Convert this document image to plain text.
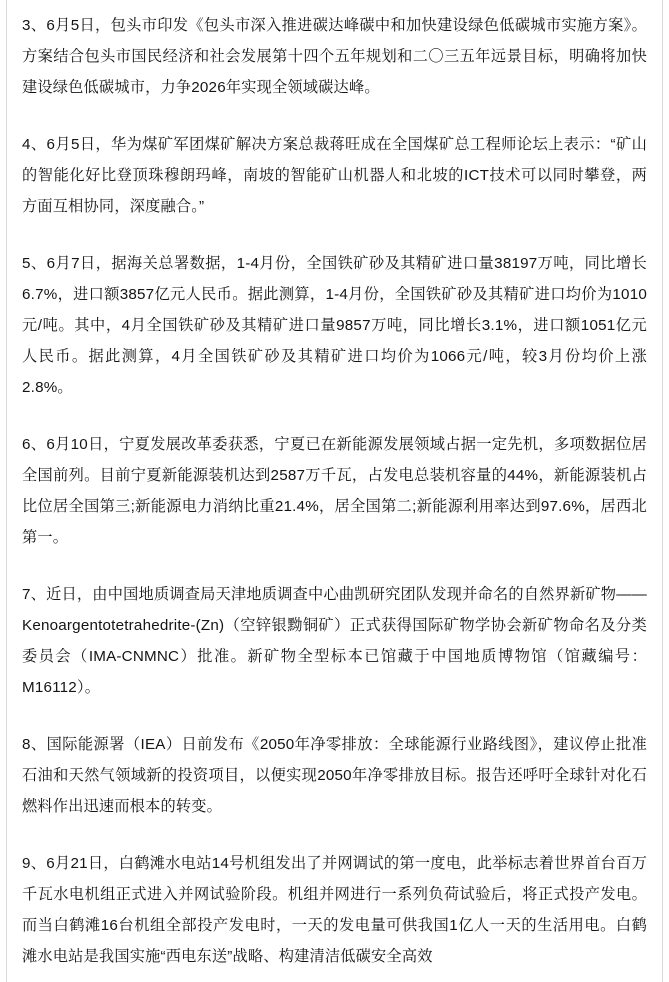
3、6月5日，包头市印发《包头市深入推进碳达峰碳中和加快建设绿色低碳城市实施方案》。方案结合包头市国民经济和社会发展第十四个五年规划和二〇三五年远景目标，明确将加快建设绿色低碳城市，力争2026年实现全领域碳达峰。

4、6月5日，华为煤矿军团煤矿解决方案总裁蒋旺成在全国煤矿总工程师论坛上表示：“矿山的智能化好比登顶珠穆朗玛峰，南坡的智能矿山机器人和北坡的ICT技术可以同时攀登，两方面互相协同，深度融合。”

5、6月7日，据海关总署数据，1-4月份，全国铁矿砂及其精矿进口量38197万吨，同比增长6.7%，进口额3857亿元人民币。据此测算，1-4月份，全国铁矿砂及其精矿进口均价为1010元/吨。其中，4月全国铁矿砂及其精矿进口量9857万吨，同比增长3.1%，进口额1051亿元人民币。据此测算，4月全国铁矿砂及其精矿进口均价为1066元/吨，较3月份均价上涨2.8%。

6、6月10日，宁夏发展改革委获悉，宁夏已在新能源发展领域占据一定先机，多项数据位居全国前列。目前宁夏新能源装机达到2587万千瓦，占发电总装机容量的44%，新能源装机占比位居全国第三;新能源电力消纳比重21.4%，居全国第二;新能源利用率达到97.6%，居西北第一。

7、近日，由中国地质调查局天津地质调查中心曲凯研究团队发现并命名的自然界新矿物——Kenoargentotetrahedrite-(Zn)（空锌银黝铜矿）正式获得国际矿物学协会新矿物命名及分类委员会（IMA-CNMNC）批准。新矿物全型标本已馆藏于中国地质博物馆（馆藏编号：M16112）。

8、国际能源署（IEA）日前发布《2050年净零排放：全球能源行业路线图》，建议停止批准石油和天然气领域新的投资项目，以便实现2050年净零排放目标。报告还呼吁全球针对化石燃料作出迅速而根本的转变。

9、6月21日，白鹤滩水电站14号机组发出了并网调试的第一度电，此举标志着世界首台百万千瓦水电机组正式进入并网试验阶段。机组并网进行一系列负荷试验后，将正式投产发电。而当白鹤滩16台机组全部投产发电时，一天的发电量可供我国1亿人一天的生活用电。白鹤滩水电站是我国实施“西电东送”战略、构建清洁低碳安全高效
